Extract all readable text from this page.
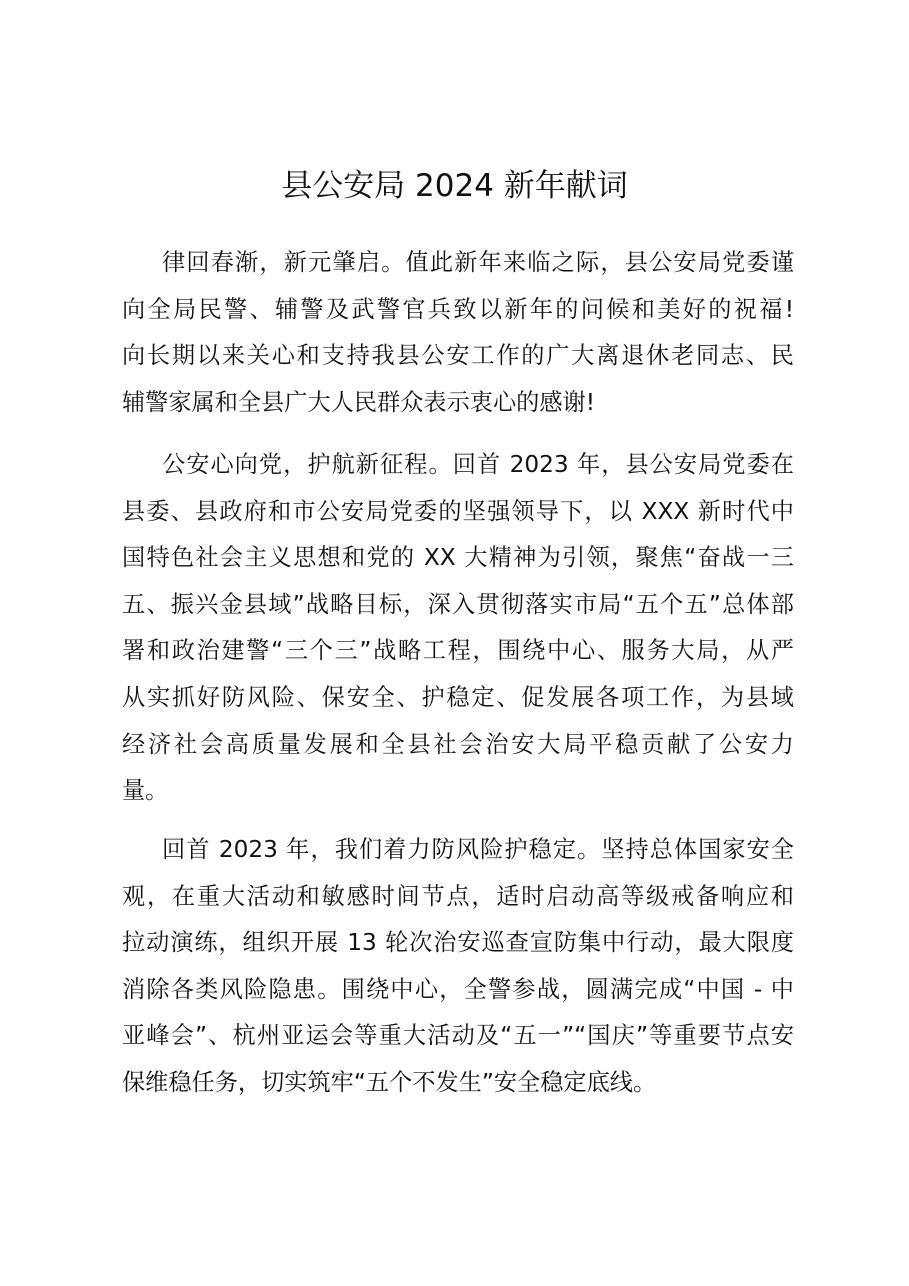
县公安局 2024 新年献词
律回春渐，新元肇启。值此新年来临之际，县公安局党委谨
向全局民警、辅警及武警官兵致以新年的问候和美好的祝福!
向长期以来关心和支持我县公安工作的广大离退休老同志、民
辅警家属和全县广大人民群众表示衷心的感谢!
公安心向党，护航新征程。回首 2023 年，县公安局党委在
县委、县政府和市公安局党委的坚强领导下，以 XXX 新时代中
国特色社会主义思想和党的 XX 大精神为引领，聚焦“奋战一三
五、振兴金县域”战略目标，深入贯彻落实市局“五个五”总体部
署和政治建警“三个三”战略工程，围绕中心、服务大局，从严
从实抓好防风险、保安全、护稳定、促发展各项工作，为县域
经济社会高质量发展和全县社会治安大局平稳贡献了公安力
量。
回首 2023 年，我们着力防风险护稳定。坚持总体国家安全
观，在重大活动和敏感时间节点，适时启动高等级戒备响应和
拉动演练，组织开展 13 轮次治安巡查宣防集中行动，最大限度
消除各类风险隐患。围绕中心，全警参战，圆满完成“中国 - 中
亚峰会”、杭州亚运会等重大活动及“五一”“国庆”等重要节点安
保维稳任务，切实筑牢“五个不发生”安全稳定底线。
